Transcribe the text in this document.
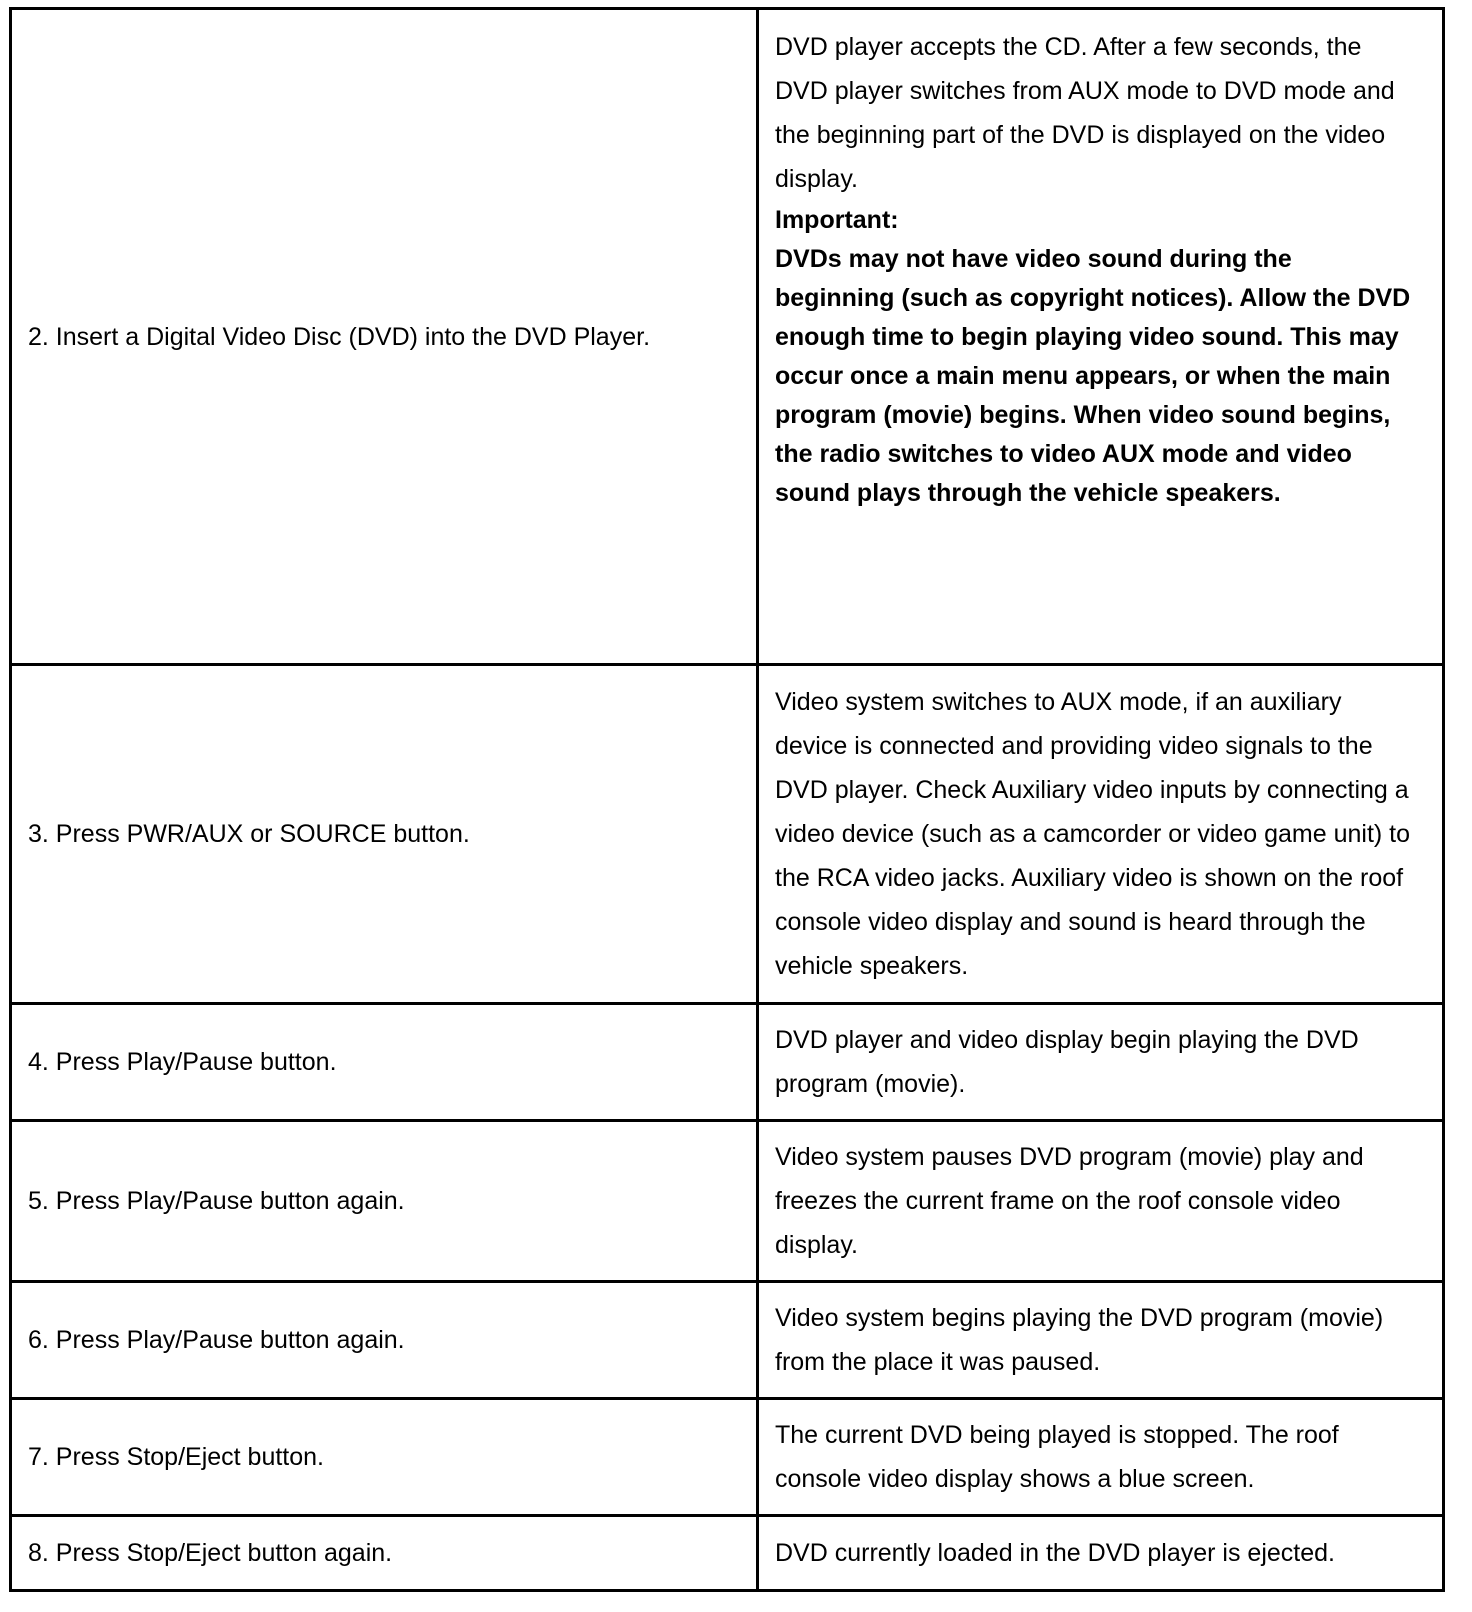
2. Insert a Digital Video Disc (DVD) into the DVD Player.	DVD player accepts the CD. After a few seconds, the DVD player switches from AUX mode to DVD mode and the beginning part of the DVD is displayed on the video display.
Important:
DVDs may not have video sound during the beginning (such as copyright notices). Allow the DVD enough time to begin playing video sound. This may occur once a main menu appears, or when the main program (movie) begins. When video sound begins, the radio switches to video AUX mode and video sound plays through the vehicle speakers.

3. Press PWR/AUX or SOURCE button.	Video system switches to AUX mode, if an auxiliary device is connected and providing video signals to the DVD player. Check Auxiliary video inputs by connecting a video device (such as a camcorder or video game unit) to the RCA video jacks. Auxiliary video is shown on the roof console video display and sound is heard through the vehicle speakers.

4. Press Play/Pause button.	DVD player and video display begin playing the DVD program (movie).

5. Press Play/Pause button again.	Video system pauses DVD program (movie) play and freezes the current frame on the roof console video display.

6. Press Play/Pause button again.	Video system begins playing the DVD program (movie) from the place it was paused.

7. Press Stop/Eject button.	The current DVD being played is stopped. The roof console video display shows a blue screen.

8. Press Stop/Eject button again.	DVD currently loaded in the DVD player is ejected.
